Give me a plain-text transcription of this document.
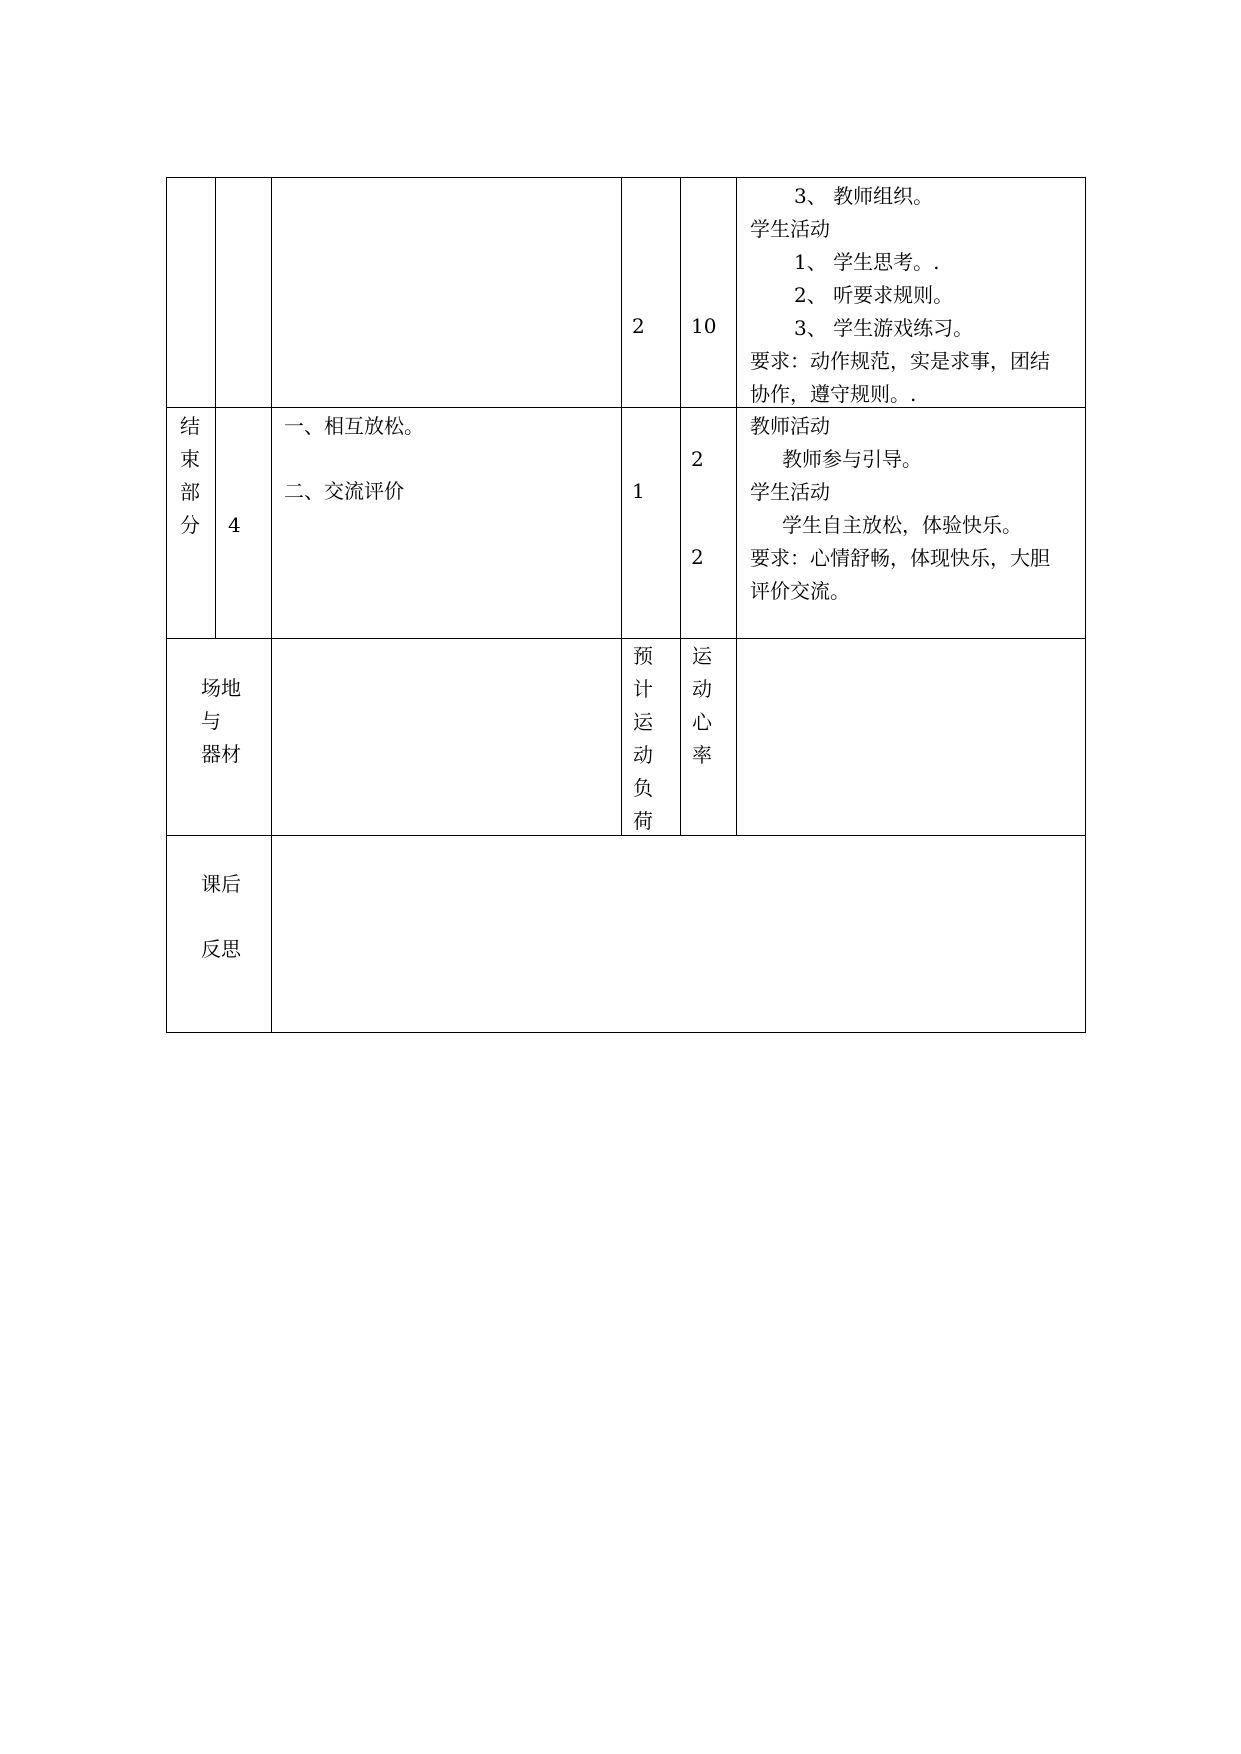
2 10
3、 教师组织。
学生活动
1、 学生思考。.
2、 听要求规则。
3、 学生游戏练习。
要求：动作规范，实是求事，团结
协作，遵守规则。.
结
束
部
分 4
一、相互放松。
二、交流评价	1
2
2
教师活动
教师参与引导。
学生活动
学生自主放松，体验快乐。
要求：心情舒畅，体现快乐，大胆
评价交流。
场地
与
器材
预
计
运
动
负
荷
运
动
心
率
课后
反思
